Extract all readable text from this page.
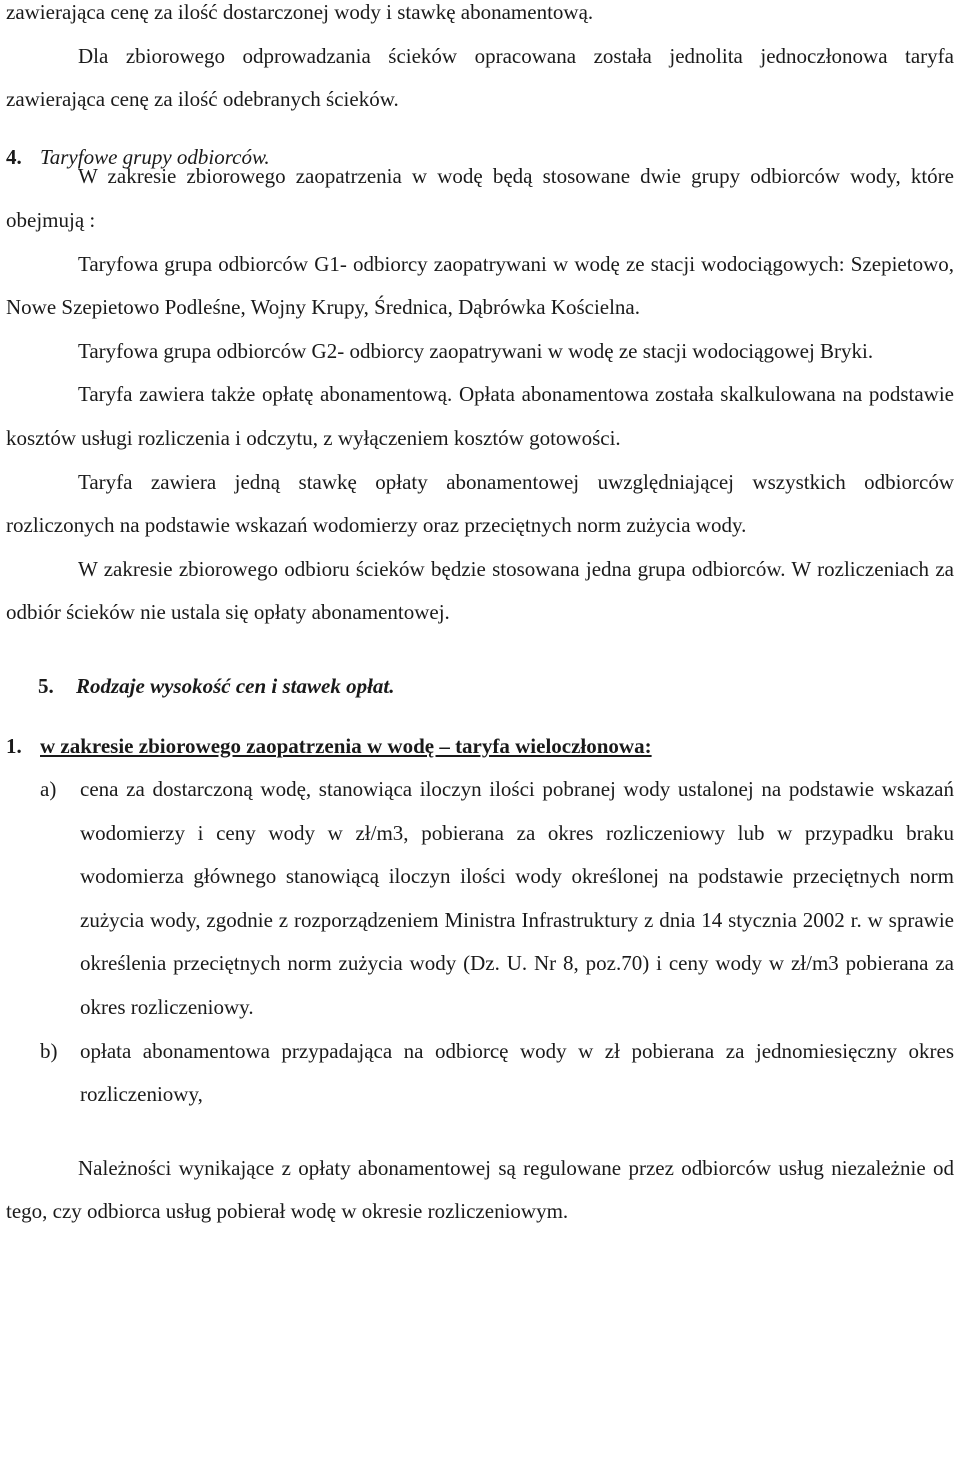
zawierająca cenę za ilość dostarczonej wody i stawkę abonamentową.

Dla zbiorowego odprowadzania ścieków opracowana została jednolita jednoczłonowa taryfa zawierająca cenę za ilość odebranych ścieków.

4. Taryfowe grupy odbiorców.

W zakresie zbiorowego zaopatrzenia w wodę będą stosowane dwie grupy odbiorców wody, które obejmują :

Taryfowa grupa odbiorców G1- odbiorcy zaopatrywani w wodę ze stacji wodociągowych: Szepietowo, Nowe Szepietowo Podleśne, Wojny Krupy, Średnica, Dąbrówka Kościelna.

Taryfowa grupa odbiorców G2- odbiorcy zaopatrywani w wodę ze stacji wodociągowej Bryki.

Taryfa zawiera także opłatę abonamentową. Opłata abonamentowa została skalkulowana na podstawie kosztów usługi rozliczenia i odczytu, z wyłączeniem kosztów gotowości.

Taryfa zawiera jedną stawkę opłaty abonamentowej uwzględniającej wszystkich odbiorców rozliczonych na podstawie wskazań wodomierzy oraz przeciętnych norm zużycia wody.

W zakresie zbiorowego odbioru ścieków będzie stosowana jedna grupa odbiorców. W rozliczeniach za odbiór ścieków nie ustala się opłaty abonamentowej.

5. Rodzaje wysokość cen i stawek opłat.

1. w zakresie zbiorowego zaopatrzenia w wodę – taryfa wieloczłonowa:

a) cena za dostarczoną wodę, stanowiąca iloczyn ilości pobranej wody ustalonej na podstawie wskazań wodomierzy i ceny wody w zł/m3, pobierana za okres rozliczeniowy lub w przypadku braku wodomierza głównego stanowiącą iloczyn ilości wody określonej na podstawie przeciętnych norm zużycia wody, zgodnie z rozporządzeniem Ministra Infrastruktury z dnia 14 stycznia 2002 r. w sprawie określenia przeciętnych norm zużycia wody (Dz. U. Nr 8, poz.70) i ceny wody w zł/m3 pobierana za okres rozliczeniowy.
b) opłata abonamentowa przypadająca na odbiorcę wody w zł pobierana za jednomiesięczny okres rozliczeniowy,

Należności wynikające z opłaty abonamentowej są regulowane przez odbiorców usług niezależnie od tego, czy odbiorca usług pobierał wodę w okresie rozliczeniowym.
